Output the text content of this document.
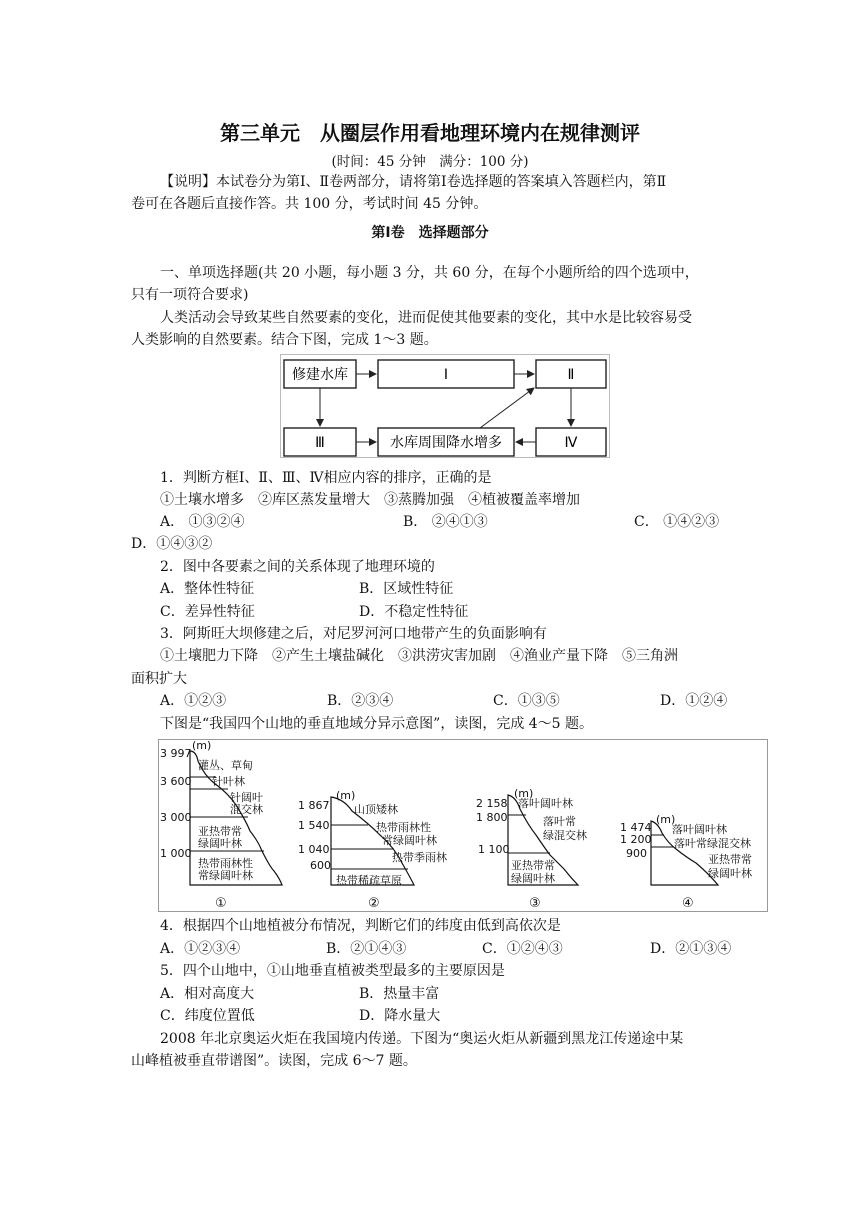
第三单元　从圈层作用看地理环境内在规律测评
(时间：45 分钟　满分：100 分)
【说明】本试卷分为第Ⅰ、Ⅱ卷两部分，请将第Ⅰ卷选择题的答案填入答题栏内，第Ⅱ
卷可在各题后直接作答。共 100 分，考试时间 45 分钟。
第Ⅰ卷　选择题部分
一、单项选择题(共 20 小题，每小题 3 分，共 60 分，在每个小题所给的四个选项中，
只有一项符合要求)
人类活动会导致某些自然要素的变化，进而促使其他要素的变化，其中水是比较容易受
人类影响的自然要素。结合下图，完成 1～3 题。
修建水库	Ⅰ	Ⅱ
Ⅲ	水库周围降水增多	Ⅳ
1．判断方框Ⅰ、Ⅱ、Ⅲ、Ⅳ相应内容的排序，正确的是
①土壤水增多　②库区蒸发量增大　③蒸腾加强　④植被覆盖率增加
A． ①③②④	B． ②④①③	C． ①④②③
D．①④③②
2．图中各要素之间的关系体现了地理环境的
A．整体性特征	B．区域性特征
C．差异性特征	D．不稳定性特征
3．阿斯旺大坝修建之后，对尼罗河河口地带产生的负面影响有
①土壤肥力下降　②产生土壤盐碱化　③洪涝灾害加剧　④渔业产量下降　⑤三角洲
面积扩大
A．①②③	B．②③④	C．①③⑤	D．①②④
下图是“我国四个山地的垂直地域分异示意图”，读图，完成 4～5 题。
(m)
3 997
3 600
3 000
1 000
灌丛、草甸
针叶林
针阔叶
混交林
亚热带常
绿阔叶林
热带雨林性
常绿阔叶林
①
(m)
1 867
1 540
1 040
600
山顶矮林
热带雨林性
常绿阔叶林
热带季雨林
热带稀疏草原
②
(m)
2 158
1 800
1 100
落叶阔叶林
落叶常
绿混交林
亚热带常
绿阔叶林
③
(m)
1 474
1 200
900
落叶阔叶林
落叶常绿混交林
亚热带常
绿阔叶林
④
4．根据四个山地植被分布情况，判断它们的纬度由低到高依次是
A．①②③④	B．②①④③	C．①②④③	D．②①③④
5．四个山地中，①山地垂直植被类型最多的主要原因是
A．相对高度大	B．热量丰富
C．纬度位置低	D．降水量大
2008 年北京奥运火炬在我国境内传递。下图为“奥运火炬从新疆到黑龙江传递途中某
山峰植被垂直带谱图”。读图，完成 6～7 题。
